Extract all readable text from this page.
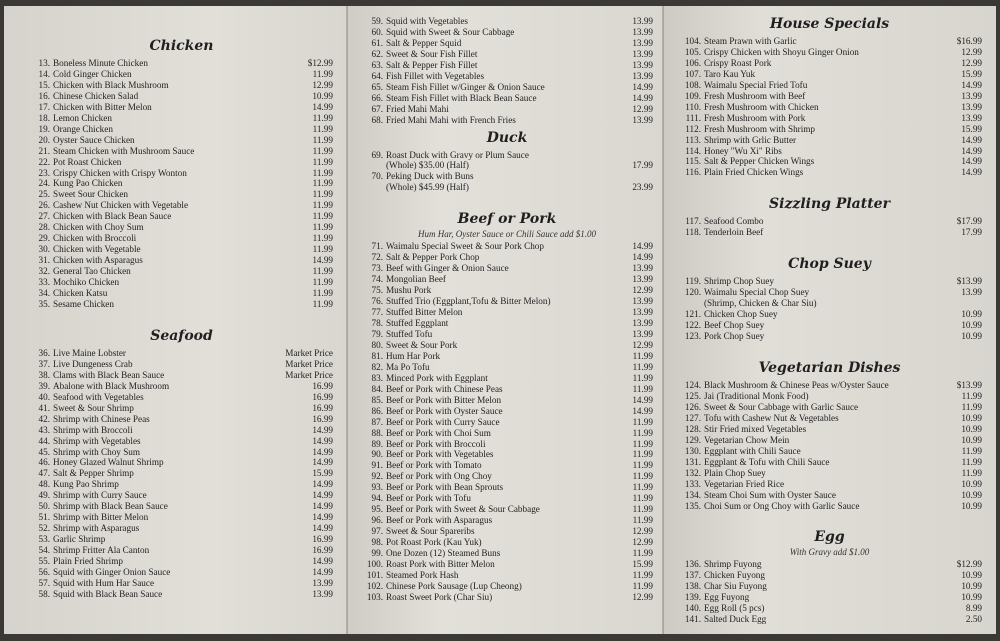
Chicken
13. Boneless Minute Chicken	$12.99
14. Cold Ginger Chicken	11.99
15. Chicken with Black Mushroom	12.99
16. Chinese Chicken Salad	10.99
17. Chicken with Bitter Melon	14.99
18. Lemon Chicken	11.99
19. Orange Chicken	11.99
20. Oyster Sauce Chicken	11.99
21. Steam Chicken with Mushroom Sauce	11.99
22. Pot Roast Chicken	11.99
23. Crispy Chicken with Crispy Wonton	11.99
24. Kung Pao Chicken	11.99
25. Sweet Sour Chicken	11.99
26. Cashew Nut Chicken with Vegetable	11.99
27. Chicken with Black Bean Sauce	11.99
28. Chicken with Choy Sum	11.99
29. Chicken with Broccoli	11.99
30. Chicken with Vegetable	11.99
31. Chicken with Asparagus	14.99
32. General Tao Chicken	11.99
33. Mochiko Chicken	11.99
34. Chicken Katsu	11.99
35. Sesame Chicken	11.99
Seafood
36. Live Maine Lobster	Market Price
37. Live Dungeness Crab	Market Price
38. Clams with Black Bean Sauce	Market Price
39. Abalone with Black Mushroom	16.99
40. Seafood with Vegetables	16.99
41. Sweet & Sour Shrimp	16.99
42. Shrimp with Chinese Peas	16.99
43. Shrimp with Broccoli	14.99
44. Shrimp with Vegetables	14.99
45. Shrimp with Choy Sum	14.99
46. Honey Glazed Walnut Shrimp	14.99
47. Salt & Pepper Shrimp	15.99
48. Kung Pao Shrimp	14.99
49. Shrimp with Curry Sauce	14.99
50. Shrimp with Black Bean Sauce	14.99
51. Shrimp with Bitter Melon	14.99
52. Shrimp with Asparagus	14.99
53. Garlic Shrimp	16.99
54. Shrimp Fritter Ala Canton	16.99
55. Plain Fried Shrimp	14.99
56. Squid with Ginger Onion Sauce	14.99
57. Squid with Hum Har Sauce	13.99
58. Squid with Black Bean Sauce	13.99
59. Squid with Vegetables	13.99
60. Squid with Sweet & Sour Cabbage	13.99
61. Salt & Pepper Squid	13.99
62. Sweet & Sour Fish Fillet	13.99
63. Salt & Pepper Fish Fillet	13.99
64. Fish Fillet with Vegetables	13.99
65. Steam Fish Fillet w/Ginger & Onion Sauce	14.99
66. Steam Fish Fillet with Black Bean Sauce	14.99
67. Fried Mahi Mahi	12.99
68. Fried Mahi Mahi with French Fries	13.99
Duck
69. Roast Duck with Gravy or Plum Sauce
(Whole) $35.00 (Half)	17.99
70. Peking Duck with Buns
(Whole) $45.99 (Half)	23.99
Beef or Pork
Hum Har, Oyster Sauce or Chili Sauce add $1.00
71. Waimalu Special Sweet & Sour Pork Chop	14.99
72. Salt & Pepper Pork Chop	14.99
73. Beef with Ginger & Onion Sauce	13.99
74. Mongolian Beef	13.99
75. Mushu Pork	12.99
76. Stuffed Trio (Eggplant,Tofu & Bitter Melon)	13.99
77. Stuffed Bitter Melon	13.99
78. Stuffed Eggplant	13.99
79. Stuffed Tofu	13.99
80. Sweet & Sour Pork	12.99
81. Hum Har Pork	11.99
82. Ma Po Tofu	11.99
83. Minced Pork with Eggplant	11.99
84. Beef or Pork with Chinese Peas	11.99
85. Beef or Pork with Bitter Melon	14.99
86. Beef or Pork with Oyster Sauce	14.99
87. Beef or Pork with Curry Sauce	11.99
88. Beef or Pork with Choi Sum	11.99
89. Beef or Pork with Broccoli	11.99
90. Beef or Pork with Vegetables	11.99
91. Beef or Pork with Tomato	11.99
92. Beef or Pork with Ong Choy	11.99
93. Beef or Pork with Bean Sprouts	11.99
94. Beef or Pork with Tofu	11.99
95. Beef or Pork with Sweet & Sour Cabbage	11.99
96. Beef or Pork with Asparagus	11.99
97. Sweet & Sour Spareribs	12.99
98. Pot Roast Pork (Kau Yuk)	12.99
99. One Dozen (12) Steamed Buns	11.99
100. Roast Pork with Bitter Melon	15.99
101. Steamed Pork Hash	11.99
102. Chinese Pork Sausage (Lup Cheong)	11.99
103. Roast Sweet Pork (Char Siu)	12.99
House Specials
104. Steam Prawn with Garlic	$16.99
105. Crispy Chicken with Shoyu Ginger Onion	12.99
106. Crispy Roast Pork	12.99
107. Taro Kau Yuk	15.99
108. Waimalu Special Fried Tofu	14.99
109. Fresh Mushroom with Beef	13.99
110. Fresh Mushroom with Chicken	13.99
111. Fresh Mushroom with Pork	13.99
112. Fresh Mushroom with Shrimp	15.99
113. Shrimp with Grlic Butter	14.99
114. Honey "Wu Xi" Ribs	14.99
115. Salt & Pepper Chicken Wings	14.99
116. Plain Fried Chicken Wings	14.99
Sizzling Platter
117. Seafood Combo	$17.99
118. Tenderloin Beef	17.99
Chop Suey
119. Shrimp Chop Suey	$13.99
120. Waimalu Special Chop Suey	13.99
(Shrimp, Chicken & Char Siu)
121. Chicken Chop Suey	10.99
122. Beef Chop Suey	10.99
123. Pork Chop Suey	10.99
Vegetarian Dishes
124. Black Mushroom & Chinese Peas w/Oyster Sauce	$13.99
125. Jai (Traditional Monk Food)	11.99
126. Sweet & Sour Cabbage with Garlic Sauce	11.99
127. Tofu with Cashew Nut & Vegetables	10.99
128. Stir Fried mixed Vegetables	10.99
129. Vegetarian Chow Mein	10.99
130. Eggplant with Chili Sauce	11.99
131. Eggplant & Tofu with Chili Sauce	11.99
132. Plain Chop Suey	11.99
133. Vegetarian Fried Rice	10.99
134. Steam Choi Sum with Oyster Sauce	10.99
135. Choi Sum or Ong Choy with Garlic Sauce	10.99
Egg
With Gravy add $1.00
136. Shrimp Fuyong	$12.99
137. Chicken Fuyong	10.99
138. Char Siu Fuyong	10.99
139. Egg Fuyong	10.99
140. Egg Roll (5 pcs)	8.99
141. Salted Duck Egg	2.50
